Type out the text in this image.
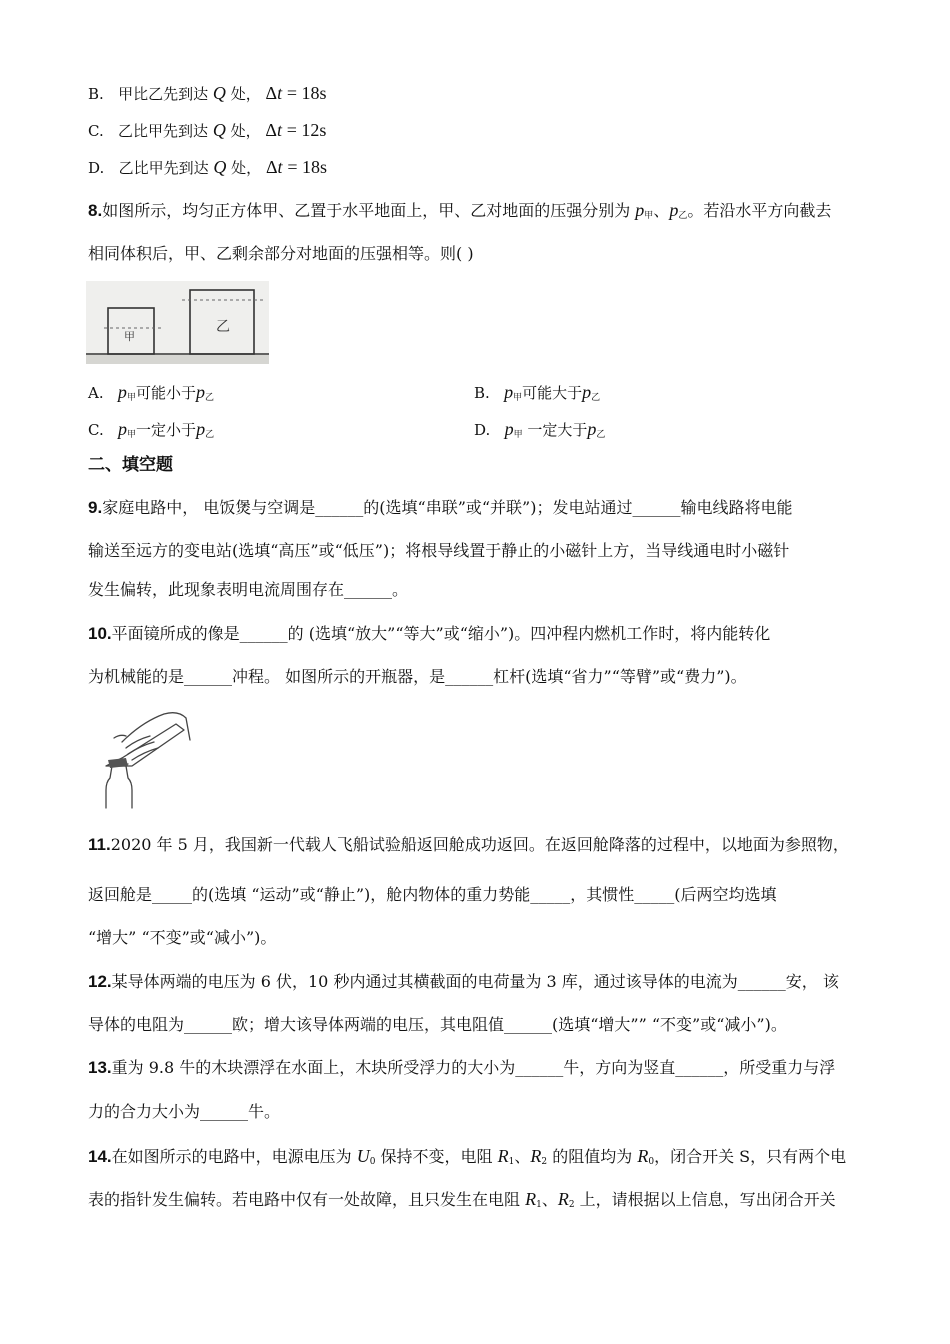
B. 甲比乙先到达 Q 处， Δt = 18s
C. 乙比甲先到达 Q 处， Δt = 12s
D. 乙比甲先到达 Q 处， Δt = 18s
8.如图所示，均匀正方体甲、乙置于水平地面上，甲、乙对地面的压强分别为 $p_甲$、$p_乙$。若沿水平方向截去
相同体积后，甲、乙剩余部分对地面的压强相等。则( )
甲
乙
A. $p_甲$可能小于$p_乙$	B. $p_甲$可能大于$p_乙$
C. $p_甲$一定小于$p_乙$	D. $p_甲$ 一定大于$p_乙$
二、填空题
9.家庭电路中， 电饭煲与空调是______的(选填“串联”或“并联”)；发电站通过______输电线路将电能
输送至远方的变电站(选填“高压”或“低压”)；将根导线置于静止的小磁针上方，当导线通电时小磁针
发生偏转，此现象表明电流周围存在______。
10.平面镜所成的像是______的 (选填“放大”“等大”或“缩小”)。四冲程内燃机工作时，将内能转化
为机械能的是______冲程。 如图所示的开瓶器，是______杠杆(选填“省力”“等臂”或“费力”)。
11.2020 年 5 月，我国新一代载人飞船试验船返回舱成功返回。在返回舱降落的过程中，以地面为参照物，
返回舱是_____的(选填 “运动”或“静止”)，舱内物体的重力势能_____，其惯性_____(后两空均选填
“增大” “不变”或“减小”)。
12.某导体两端的电压为 6 伏，10 秒内通过其横截面的电荷量为 3 库，通过该导体的电流为______安， 该
导体的电阻为______欧；增大该导体两端的电压，其电阻值______(选填“增大”” “不变”或“减小”)。
13.重为 9.8 牛的木块漂浮在水面上，木块所受浮力的大小为______牛，方向为竖直______，所受重力与浮
力的合力大小为______牛。
14.在如图所示的电路中，电源电压为 $U_0$ 保持不变，电阻 $R_1$、$R_2$ 的阻值均为 $R_0$，闭合开关 S，只有两个电
表的指针发生偏转。若电路中仅有一处故障，且只发生在电阻 $R_1$、$R_2$ 上，请根据以上信息，写出闭合开关
